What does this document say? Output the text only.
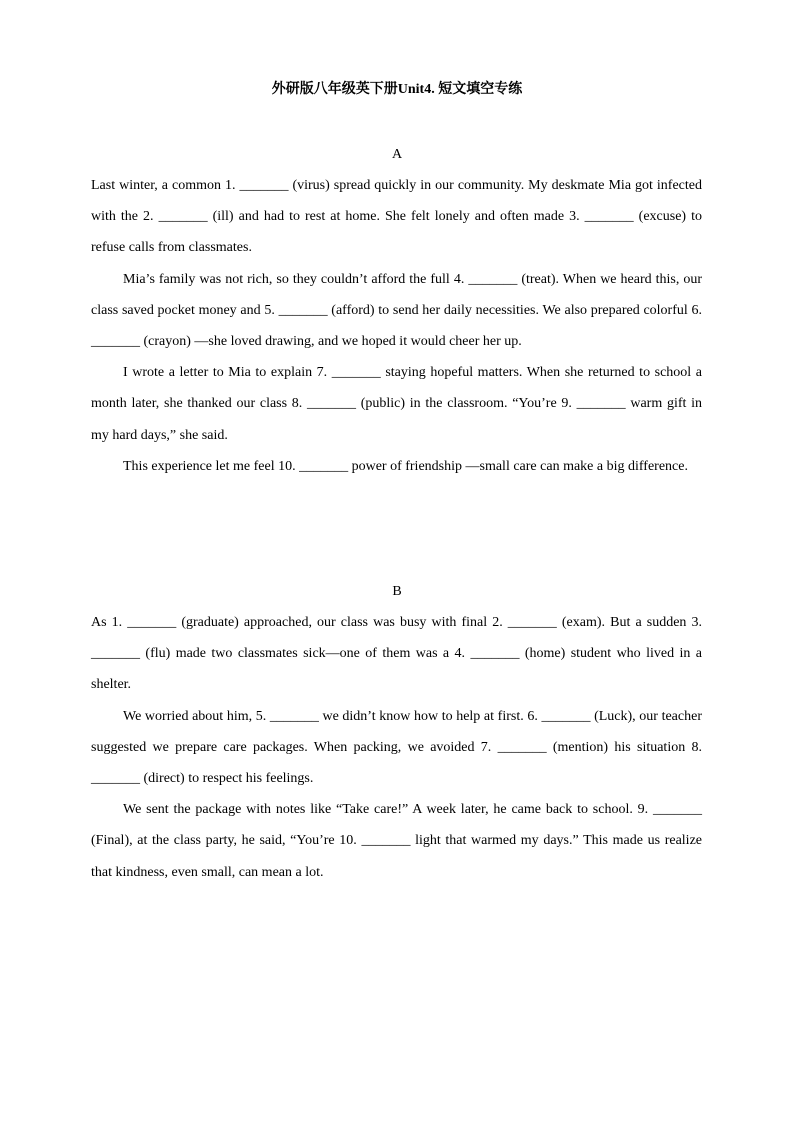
外研版八年级英下册Unit4. 短文填空专练
A

Last winter, a common 1. _______ (virus) spread quickly in our community. My deskmate Mia got infected with the 2. _______ (ill) and had to rest at home. She felt lonely and often made 3. _______ (excuse) to refuse calls from classmates.

Mia’s family was not rich, so they couldn’t afford the full 4. _______ (treat). When we heard this, our class saved pocket money and 5. _______ (afford) to send her daily necessities. We also prepared colorful 6. _______ (crayon) —she loved drawing, and we hoped it would cheer her up.

I wrote a letter to Mia to explain 7. _______ staying hopeful matters. When she returned to school a month later, she thanked our class 8. _______ (public) in the classroom. “You’re 9. _______ warm gift in my hard days,” she said.

This experience let me feel 10. _______ power of friendship —small care can make a big difference.

B

As 1. _______ (graduate) approached, our class was busy with final 2. _______ (exam). But a sudden 3. _______ (flu) made two classmates sick—one of them was a 4. _______ (home) student who lived in a shelter.

We worried about him, 5. _______ we didn’t know how to help at first. 6. _______ (Luck), our teacher suggested we prepare care packages. When packing, we avoided 7. _______ (mention) his situation 8. _______ (direct) to respect his feelings.

We sent the package with notes like “Take care!” A week later, he came back to school. 9. _______ (Final), at the class party, he said, “You’re 10. _______ light that warmed my days.” This made us realize that kindness, even small, can mean a lot.
